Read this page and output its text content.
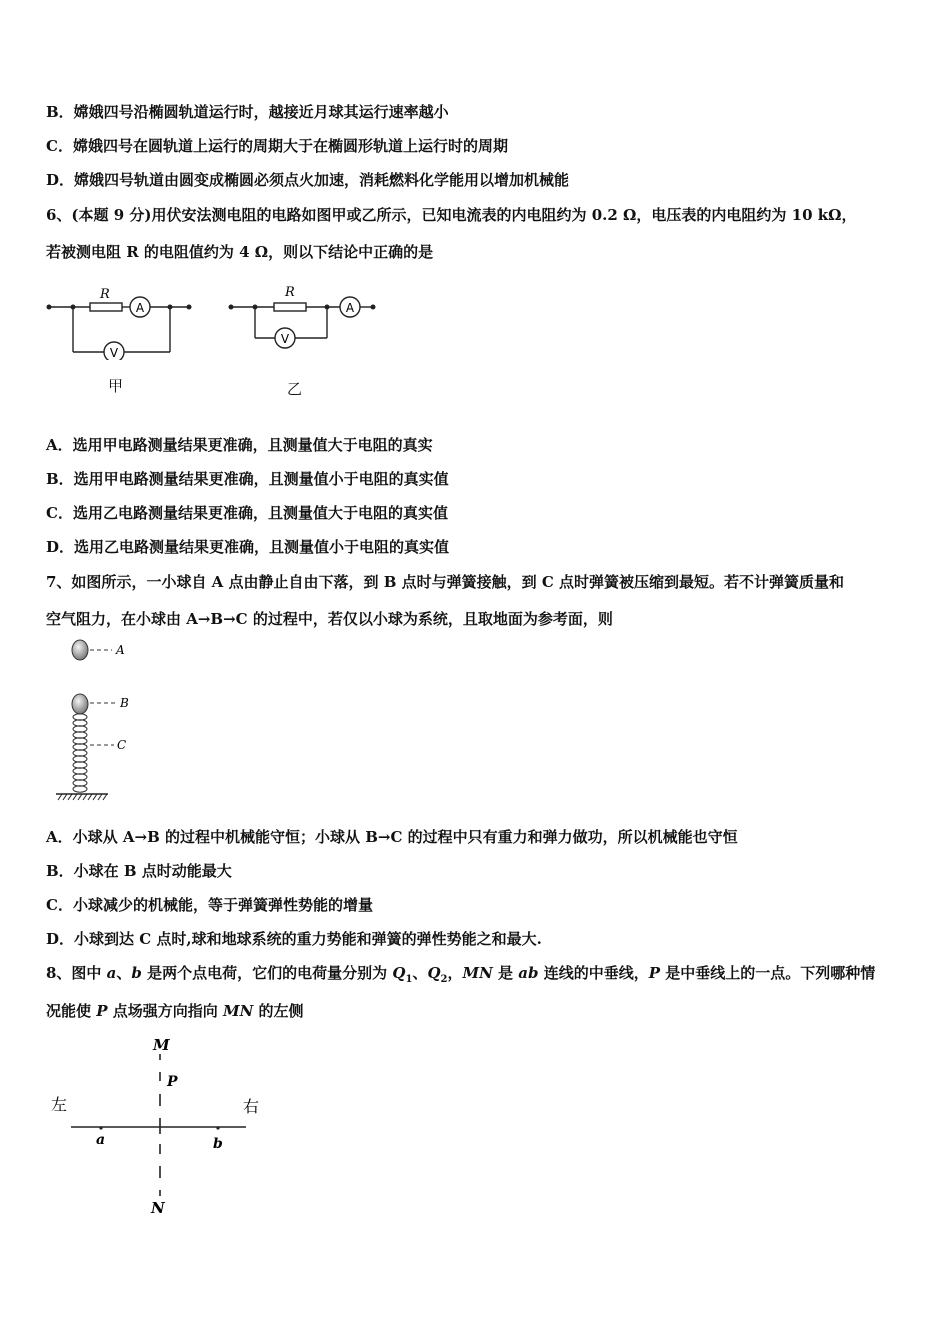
B．嫦娥四号沿椭圆轨道运行时，越接近月球其运行速率越小
C．嫦娥四号在圆轨道上运行的周期大于在椭圆形轨道上运行时的周期
D．嫦娥四号轨道由圆变成椭圆必须点火加速，消耗燃料化学能用以增加机械能
6、(本题 9 分)用伏安法测电阻的电路如图甲或乙所示，已知电流表的内电阻约为 0.2 Ω，电压表的内电阻约为 10 kΩ，
若被测电阻 R 的电阻值约为 4 Ω，则以下结论中正确的是
R
A
V
甲
R
A
V
乙
A．选用甲电路测量结果更准确，且测量值大于电阻的真实
B．选用甲电路测量结果更准确，且测量值小于电阻的真实值
C．选用乙电路测量结果更准确，且测量值大于电阻的真实值
D．选用乙电路测量结果更准确，且测量值小于电阻的真实值
7、如图所示，一小球自 A 点由静止自由下落，到 B 点时与弹簧接触，到 C 点时弹簧被压缩到最短。若不计弹簧质量和
空气阻力，在小球由 A→B→C 的过程中，若仅以小球为系统，且取地面为参考面，则
A
B
C
A．小球从 A→B 的过程中机械能守恒；小球从 B→C 的过程中只有重力和弹力做功，所以机械能也守恒
B．小球在 B 点时动能最大
C．小球减少的机械能，等于弹簧弹性势能的增量
D．小球到达 C 点时,球和地球系统的重力势能和弹簧的弹性势能之和最大.
8、图中 a、b 是两个点电荷，它们的电荷量分别为 $Q_1$、$Q_2$，MN 是 ab 连线的中垂线，P 是中垂线上的一点。下列哪种情
况能使 P 点场强方向指向 MN 的左侧
M
P
左	右
a	b
N
